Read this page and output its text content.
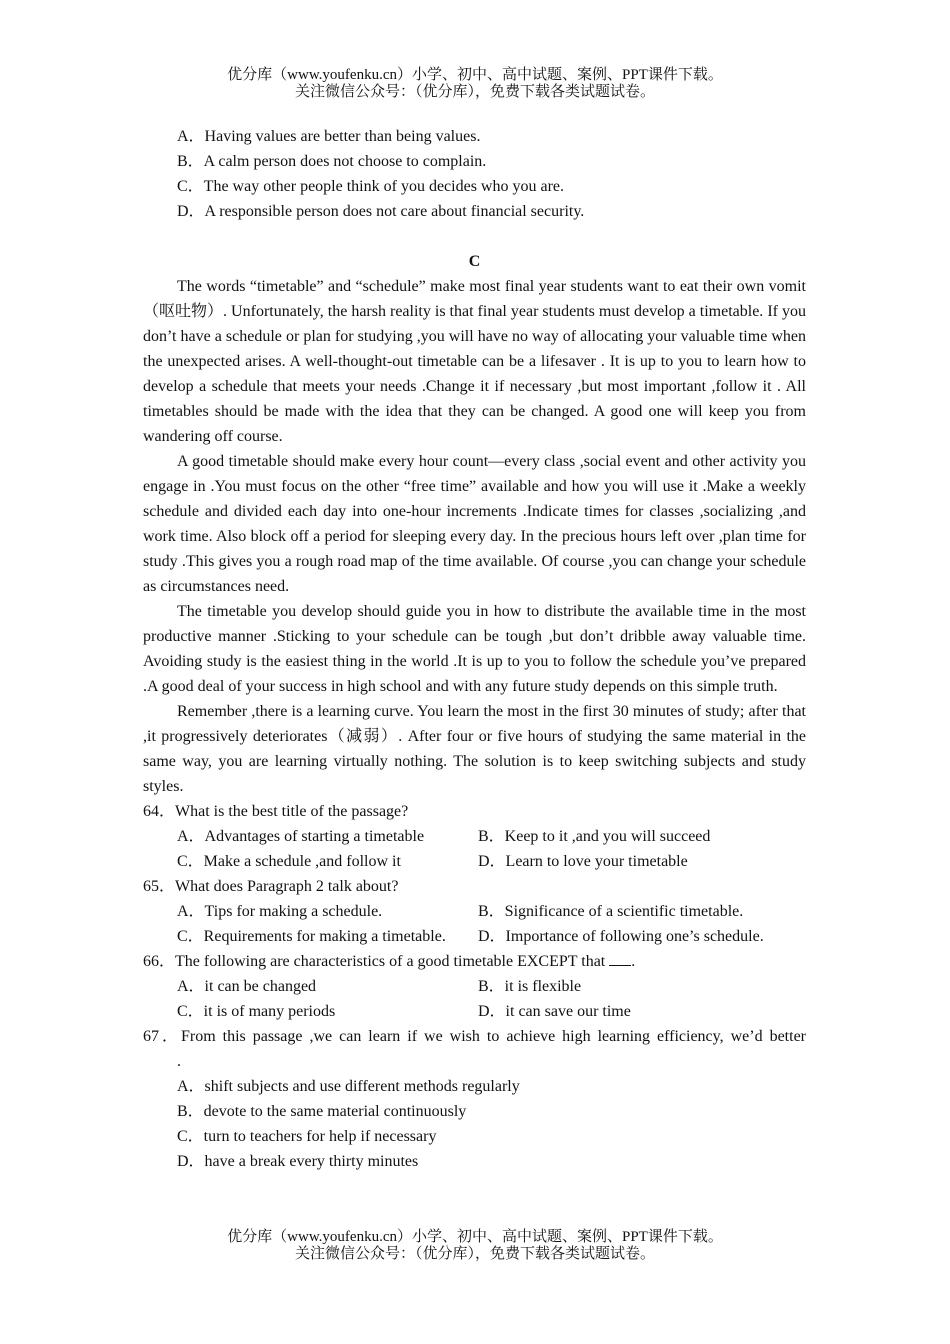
优分库（www.youfenku.cn）小学、初中、高中试题、案例、PPT课件下载。
关注微信公众号：（优分库），免费下载各类试题试卷。
A．Having values are better than being values.
B．A calm person does not choose to complain.
C．The way other people think of you decides who you are.
D．A responsible person does not care about financial security.
C

The words “timetable” and “schedule” make most final year students want to eat their own vomit（呕吐物）. Unfortunately, the harsh reality is that final year students must develop a timetable. If you don’t have a schedule or plan for studying ,you will have no way of allocating your valuable time when the unexpected arises. A well-thought-out timetable can be a lifesaver . It is up to you to learn how to develop a schedule that meets your needs .Change it if necessary ,but most important ,follow it . All timetables should be made with the idea that they can be changed. A good one will keep you from wandering off course.

A good timetable should make every hour count—every class ,social event and other activity you engage in .You must focus on the other “free time” available and how you will use it .Make a weekly schedule and divided each day into one-hour increments .Indicate times for classes ,socializing ,and work time. Also block off a period for sleeping every day. In the precious hours left over ,plan time for study .This gives you a rough road map of the time available. Of course ,you can change your schedule as circumstances need.

The timetable you develop should guide you in how to distribute the available time in the most productive manner .Sticking to your schedule can be tough ,but don’t dribble away valuable time. Avoiding study is the easiest thing in the world .It is up to you to follow the schedule you’ve prepared .A good deal of your success in high school and with any future study depends on this simple truth.

Remember ,there is a learning curve. You learn the most in the first 30 minutes of study; after that ,it progressively deteriorates（减弱）. After four or five hours of studying the same material in the same way, you are learning virtually nothing. The solution is to keep switching subjects and study styles.

64．What is the best title of the passage?
A．Advantages of starting a timetable	B．Keep to it ,and you will succeed
C．Make a schedule ,and follow it	D．Learn to love your timetable
65．What does Paragraph 2 talk about?
A．Tips for making a schedule.	B．Significance of a scientific timetable.
C．Requirements for making a timetable.	D．Importance of following one’s schedule.
66．The following are characteristics of a good timetable EXCEPT that .
A．it can be changed	B．it is flexible
C．it is of many periods	D．it can save our time
67．From this passage ,we can learn if we wish to achieve high learning efficiency, we’d better
.
A．shift subjects and use different methods regularly
B．devote to the same material continuously
C．turn to teachers for help if necessary
D．have a break every thirty minutes
优分库（www.youfenku.cn）小学、初中、高中试题、案例、PPT课件下载。
关注微信公众号：（优分库），免费下载各类试题试卷。
